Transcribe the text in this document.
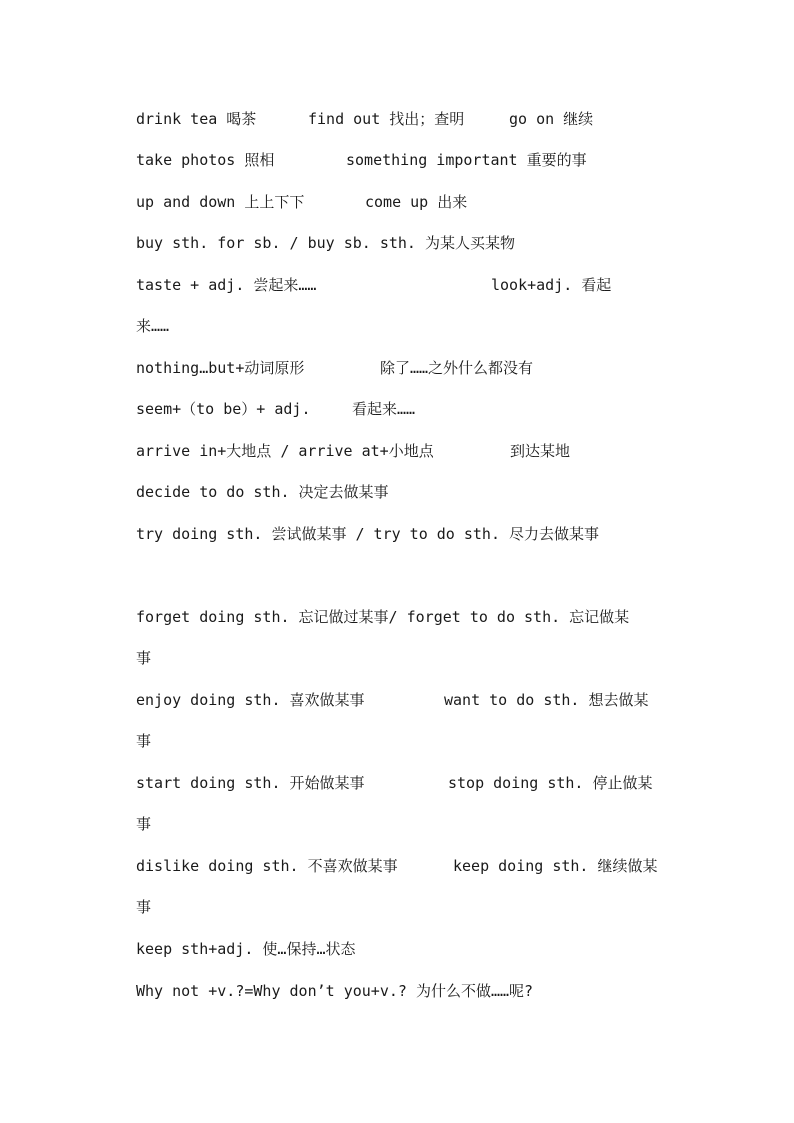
drink tea 喝茶	find out 找出；查明	go on 继续
take photos 照相	something important 重要的事
up and down 上上下下	come up 出来
buy sth. for sb. / buy sb. sth. 为某人买某物
taste + adj. 尝起来……	look+adj. 看起
来……
nothing…but+动词原形	除了……之外什么都没有
seem+（to be）+ adj.	看起来……
arrive in+大地点 / arrive at+小地点	到达某地
decide to do sth. 决定去做某事
try doing sth. 尝试做某事 / try to do sth. 尽力去做某事
forget doing sth. 忘记做过某事/ forget to do sth. 忘记做某
事
enjoy doing sth. 喜欢做某事	want to do sth. 想去做某
事
start doing sth. 开始做某事	stop doing sth. 停止做某
事
dislike doing sth. 不喜欢做某事	keep doing sth. 继续做某
事
keep sth+adj. 使…保持…状态
Why not +v.?=Why don’t you+v.? 为什么不做……呢?
